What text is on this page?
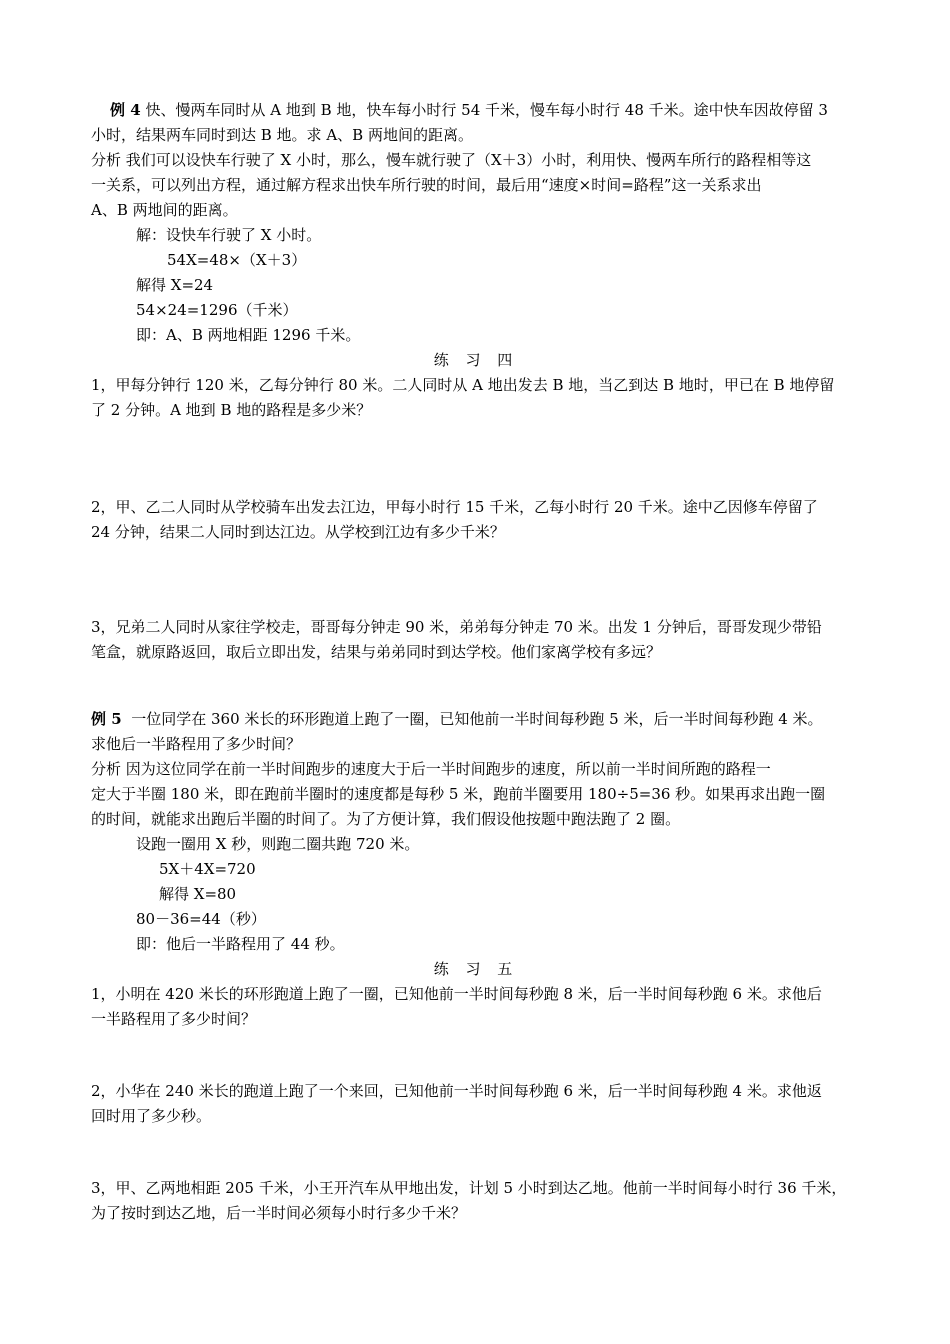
例 4 快、慢两车同时从 A 地到 B 地，快车每小时行 54 千米，慢车每小时行 48 千米。途中快车因故停留 3
小时，结果两车同时到达 B 地。求 A、B 两地间的距离。
分析 我们可以设快车行驶了 X 小时，那么，慢车就行驶了（X＋3）小时，利用快、慢两车所行的路程相等这
一关系，可以列出方程，通过解方程求出快车所行驶的时间，最后用“速度×时间=路程”这一关系求出
A、B 两地间的距离。
解：设快车行驶了 X 小时。
54X=48×（X＋3）
解得 X=24
54×24=1296（千米）
即：A、B 两地相距 1296 千米。
练 习 四
1，甲每分钟行 120 米，乙每分钟行 80 米。二人同时从 A 地出发去 B 地，当乙到达 B 地时，甲已在 B 地停留
了 2 分钟。A 地到 B 地的路程是多少米？
2，甲、乙二人同时从学校骑车出发去江边，甲每小时行 15 千米，乙每小时行 20 千米。途中乙因修车停留了
24 分钟，结果二人同时到达江边。从学校到江边有多少千米？
3，兄弟二人同时从家往学校走，哥哥每分钟走 90 米，弟弟每分钟走 70 米。出发 1 分钟后，哥哥发现少带铅
笔盒，就原路返回，取后立即出发，结果与弟弟同时到达学校。他们家离学校有多远？
例 5 一位同学在 360 米长的环形跑道上跑了一圈，已知他前一半时间每秒跑 5 米，后一半时间每秒跑 4 米。
求他后一半路程用了多少时间？
分析 因为这位同学在前一半时间跑步的速度大于后一半时间跑步的速度，所以前一半时间所跑的路程一
定大于半圈 180 米，即在跑前半圈时的速度都是每秒 5 米，跑前半圈要用 180÷5=36 秒。如果再求出跑一圈
的时间，就能求出跑后半圈的时间了。为了方便计算，我们假设他按题中跑法跑了 2 圈。
设跑一圈用 X 秒，则跑二圈共跑 720 米。
5X＋4X=720
解得 X=80
80－36=44（秒）
即：他后一半路程用了 44 秒。
练 习 五
1，小明在 420 米长的环形跑道上跑了一圈，已知他前一半时间每秒跑 8 米，后一半时间每秒跑 6 米。求他后
一半路程用了多少时间？
2，小华在 240 米长的跑道上跑了一个来回，已知他前一半时间每秒跑 6 米，后一半时间每秒跑 4 米。求他返
回时用了多少秒。
3，甲、乙两地相距 205 千米，小王开汽车从甲地出发，计划 5 小时到达乙地。他前一半时间每小时行 36 千米，
为了按时到达乙地，后一半时间必须每小时行多少千米？
